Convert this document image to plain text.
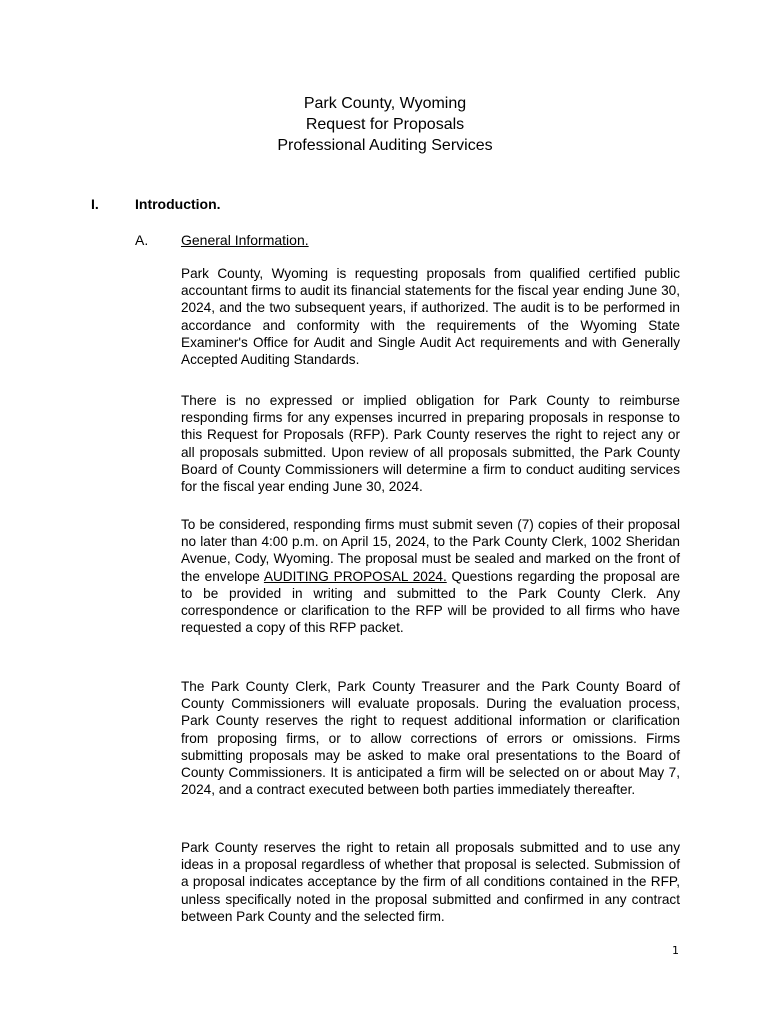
Park County, Wyoming
Request for Proposals
Professional Auditing Services
I.	Introduction.
A. General Information.
Park County, Wyoming is requesting proposals from qualified certified public accountant firms to audit its financial statements for the fiscal year ending June 30, 2024, and the two subsequent years, if authorized. The audit is to be performed in accordance and conformity with the requirements of the Wyoming State Examiner's Office for Audit and Single Audit Act requirements and with Generally Accepted Auditing Standards.
There is no expressed or implied obligation for Park County to reimburse responding firms for any expenses incurred in preparing proposals in response to this Request for Proposals (RFP). Park County reserves the right to reject any or all proposals submitted. Upon review of all proposals submitted, the Park County Board of County Commissioners will determine a firm to conduct auditing services for the fiscal year ending June 30, 2024.
To be considered, responding firms must submit seven (7) copies of their proposal no later than 4:00 p.m. on April 15, 2024, to the Park County Clerk, 1002 Sheridan Avenue, Cody, Wyoming. The proposal must be sealed and marked on the front of the envelope AUDITING PROPOSAL 2024. Questions regarding the proposal are to be provided in writing and submitted to the Park County Clerk. Any correspondence or clarification to the RFP will be provided to all firms who have requested a copy of this RFP packet.
The Park County Clerk, Park County Treasurer and the Park County Board of County Commissioners will evaluate proposals. During the evaluation process, Park County reserves the right to request additional information or clarification from proposing firms, or to allow corrections of errors or omissions. Firms submitting proposals may be asked to make oral presentations to the Board of County Commissioners. It is anticipated a firm will be selected on or about May 7, 2024, and a contract executed between both parties immediately thereafter.
Park County reserves the right to retain all proposals submitted and to use any ideas in a proposal regardless of whether that proposal is selected. Submission of a proposal indicates acceptance by the firm of all conditions contained in the RFP, unless specifically noted in the proposal submitted and confirmed in any contract between Park County and the selected firm.
1
